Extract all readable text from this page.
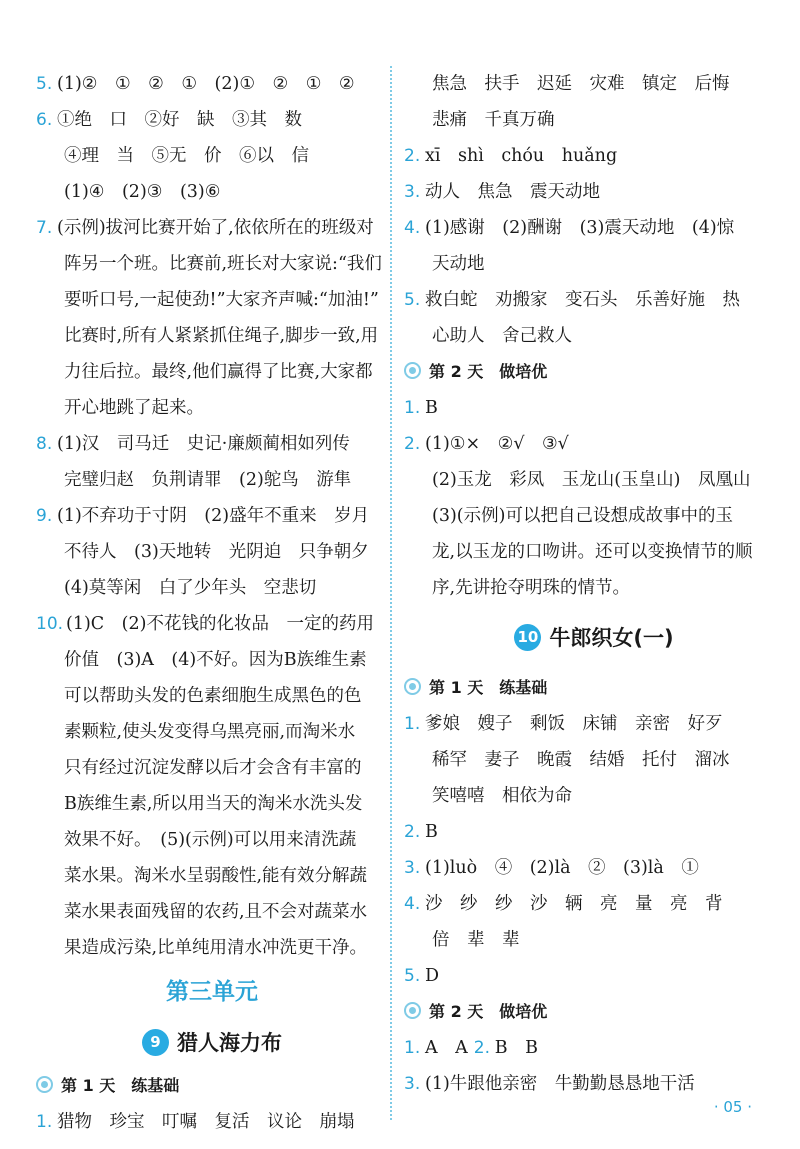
5. (1)②　①　②　①　(2)①　②　①　②
6. ①绝　口　②好　缺　③其　数
④理　当　⑤无　价　⑥以　信
(1)④　(2)③　(3)⑥
7. (示例)拔河比赛开始了,依依所在的班级对
阵另一个班。比赛前,班长对大家说:“我们
要听口号,一起使劲!”大家齐声喊:“加油!”
比赛时,所有人紧紧抓住绳子,脚步一致,用
力往后拉。最终,他们赢得了比赛,大家都
开心地跳了起来。
8. (1)汉　司马迁　史记·廉颇蔺相如列传
完璧归赵　负荆请罪　(2)鸵鸟　游隼
9. (1)不弃功于寸阴　(2)盛年不重来　岁月
不待人　(3)天地转　光阴迫　只争朝夕
(4)莫等闲　白了少年头　空悲切
10. (1)C　(2)不花钱的化妆品　一定的药用
价值　(3)A　(4)不好。因为B族维生素
可以帮助头发的色素细胞生成黑色的色
素颗粒,使头发变得乌黑亮丽,而淘米水
只有经过沉淀发酵以后才会含有丰富的
B族维生素,所以用当天的淘米水洗头发
效果不好。　(5)(示例)可以用来清洗蔬
菜水果。淘米水呈弱酸性,能有效分解蔬
菜水果表面残留的农药,且不会对蔬菜水
果造成污染,比单纯用清水冲洗更干净。
第三单元
9 猎人海力布
第 1 天　练基础
1. 猎物　珍宝　叮嘱　复活　议论　崩塌
焦急　扶手　迟延　灾难　镇定　后悔
悲痛　千真万确
2. xī　shì　chóu　huǎng
3. 动人　焦急　震天动地
4. (1)感谢　(2)酬谢　(3)震天动地　(4)惊
天动地
5. 救白蛇　劝搬家　变石头　乐善好施　热
心助人　舍己救人
第 2 天　做培优
1. B
2. (1)①×　②√　③√
(2)玉龙　彩凤　玉龙山(玉皇山)　凤凰山
(3)(示例)可以把自己设想成故事中的玉
龙,以玉龙的口吻讲。还可以变换情节的顺
序,先讲抢夺明珠的情节。
10 牛郎织女(一)
第 1 天　练基础
1. 爹娘　嫂子　剩饭　床铺　亲密　好歹
稀罕　妻子　晚霞　结婚　托付　溜冰
笑嘻嘻　相依为命
2. B
3. (1)luò　④　(2)là　②　(3)là　①
4. 沙　纱　纱　沙　辆　亮　量　亮　背
倍　辈　辈
5. D
第 2 天　做培优
1. A　A 2. B　B
3. (1)牛跟他亲密　牛勤勤恳恳地干活
· 05 ·
